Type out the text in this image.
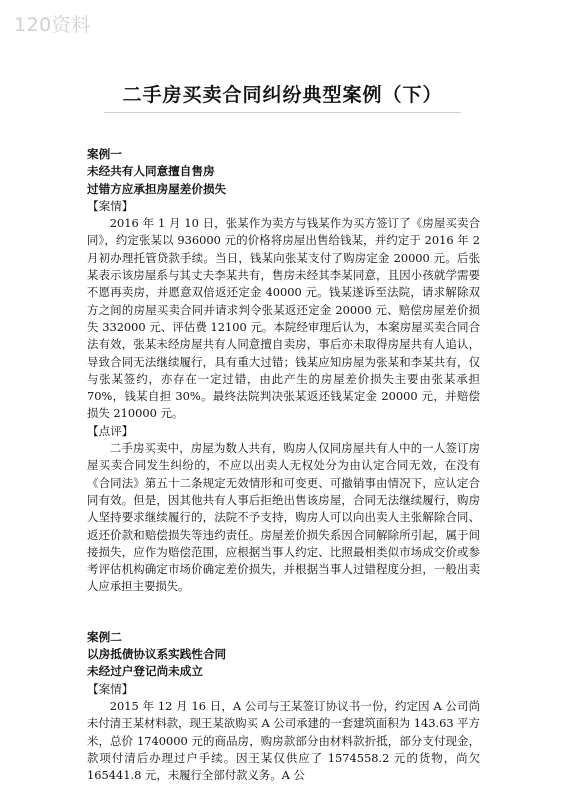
120资料
二手房买卖合同纠纷典型案例（下）

案例一

未经共有人同意擅自售房

过错方应承担房屋差价损失

【案情】

2016 年 1 月 10 日，张某作为卖方与钱某作为买方签订了《房屋买卖合同》，约定张某以 936000 元的价格将房屋出售给钱某，并约定于 2016 年 2 月初办理托管贷款手续。当日，钱某向张某支付了购房定金 20000 元。后张某表示该房屋系与其丈夫李某共有，售房未经其李某同意，且因小孩就学需要不愿再卖房，并愿意双倍返还定金 40000 元。钱某遂诉至法院，请求解除双方之间的房屋买卖合同并请求判令张某返还定金 20000 元、赔偿房屋差价损失 332000 元、评估费 12100 元。本院经审理后认为，本案房屋买卖合同合法有效，张某未经房屋共有人同意擅自卖房，事后亦未取得房屋共有人追认，导致合同无法继续履行，具有重大过错；钱某应知房屋为张某和李某共有，仅与张某签约，亦存在一定过错，由此产生的房屋差价损失主要由张某承担 70%，钱某自担 30%。最终法院判决张某返还钱某定金 20000 元，并赔偿损失 210000 元。

【点评】

二手房买卖中，房屋为数人共有，购房人仅同房屋共有人中的一人签订房屋买卖合同发生纠纷的，不应以出卖人无权处分为由认定合同无效，在没有《合同法》第五十二条规定无效情形和可变更、可撤销事由情况下，应认定合同有效。但是，因其他共有人事后拒绝出售该房屋，合同无法继续履行，购房人坚持要求继续履行的，法院不予支持，购房人可以向出卖人主张解除合同、返还价款和赔偿损失等违约责任。房屋差价损失系因合同解除所引起，属于间接损失，应作为赔偿范围，应根据当事人约定、比照最相类似市场成交价或参考评估机构确定市场价确定差价损失，并根据当事人过错程度分担，一般出卖人应承担主要损失。

案例二

以房抵债协议系实践性合同

未经过户登记尚未成立

【案情】

2015 年 12 月 16 日，A 公司与王某签订协议书一份，约定因 A 公司尚未付清王某材料款，现王某欲购买 A 公司承建的一套建筑面积为 143.63 平方米，总价 1740000 元的商品房，购房款部分由材料款折抵，部分支付现金，款项付清后办理过户手续。因王某仅供应了 1574558.2 元的货物，尚欠 165441.8 元，未履行全部付款义务。A 公
